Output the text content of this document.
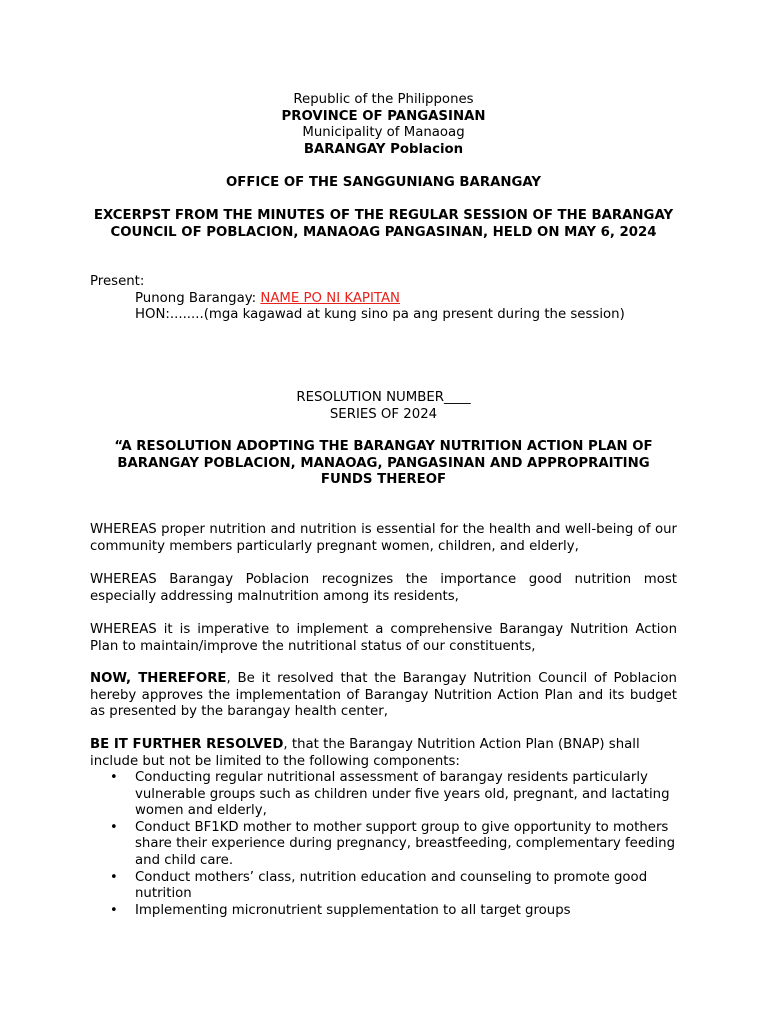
Republic of the Philippones
PROVINCE OF PANGASINAN
Municipality of Manaoag
BARANGAY Poblacion
OFFICE OF THE SANGGUNIANG BARANGAY
EXCERPST FROM THE MINUTES OF THE REGULAR SESSION OF THE BARANGAY COUNCIL OF POBLACION, MANAOAG PANGASINAN, HELD ON MAY 6, 2024
Present:
Punong Barangay: NAME PO NI KAPITAN
HON:........(mga kagawad at kung sino pa ang present during the session)
RESOLUTION NUMBER____
SERIES OF 2024
“A RESOLUTION ADOPTING THE BARANGAY NUTRITION ACTION PLAN OF BARANGAY POBLACION, MANAOAG, PANGASINAN AND APPROPRAITING FUNDS THEREOF
WHEREAS proper nutrition and nutrition is essential for the health and well-being of our community members particularly pregnant women, children, and elderly,
WHEREAS Barangay Poblacion recognizes the importance good nutrition most especially addressing malnutrition among its residents,
WHEREAS it is imperative to implement a comprehensive Barangay Nutrition Action Plan to maintain/improve the nutritional status of our constituents,
NOW, THEREFORE, Be it resolved that the Barangay Nutrition Council of Poblacion hereby approves the implementation of Barangay Nutrition Action Plan and its budget as presented by the barangay health center,
BE IT FURTHER RESOLVED, that the Barangay Nutrition Action Plan (BNAP) shall include but not be limited to the following components:
• Conducting regular nutritional assessment of barangay residents particularly vulnerable groups such as children under five years old, pregnant, and lactating women and elderly,
• Conduct BF1KD mother to mother support group to give opportunity to mothers share their experience during pregnancy, breastfeeding, complementary feeding and child care.
• Conduct mothers’ class, nutrition education and counseling to promote good nutrition
• Implementing micronutrient supplementation to all target groups
